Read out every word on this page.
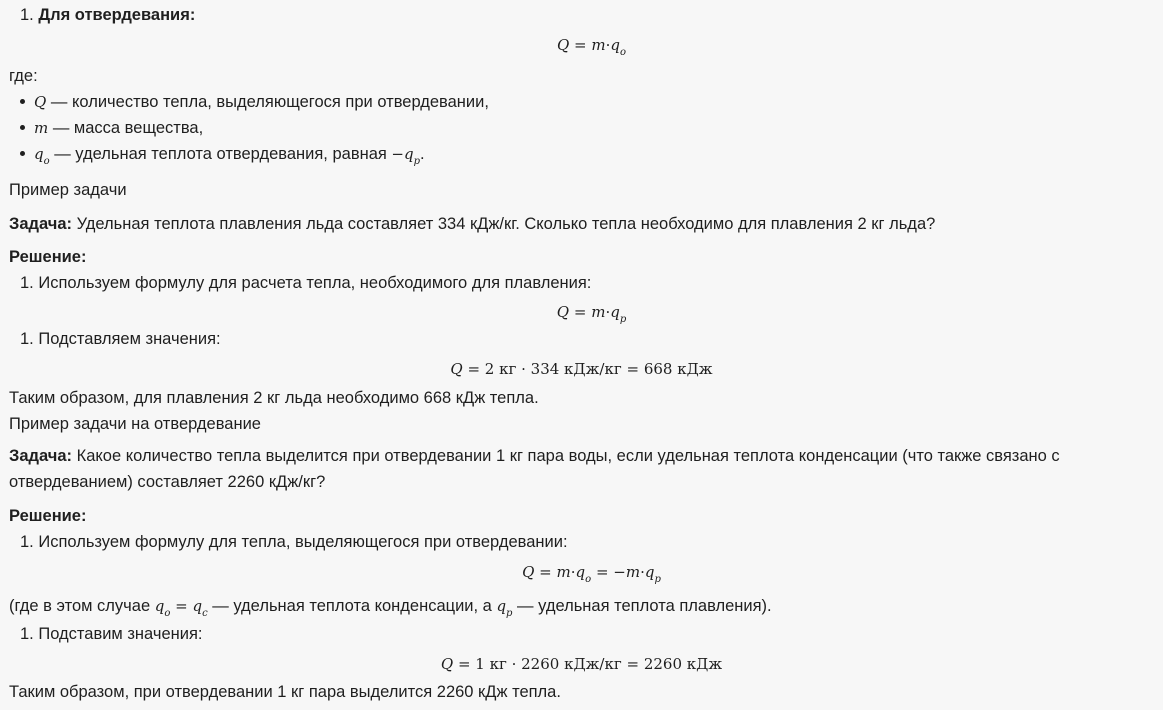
1. Для отвердевания:
$Q = m\cdot q_o$
где:
Q — количество тепла, выделяющегося при отвердевании,
m — масса вещества,
$q_o$ — удельная теплота отвердевания, равная $-q_p$.
Пример задачи
Задача: Удельная теплота плавления льда составляет 334 кДж/кг. Сколько тепла необходимо для плавления 2 кг льда?
Решение:
1. Используем формулу для расчета тепла, необходимого для плавления:
$Q = m\cdot q_p$
1. Подставляем значения:
Q = 2 кг · 334 кДж/кг = 668 кДж
Таким образом, для плавления 2 кг льда необходимо 668 кДж тепла.
Пример задачи на отвердевание
Задача: Какое количество тепла выделится при отвердевании 1 кг пара воды, если удельная теплота конденсации (что также связано с отвердеванием) составляет 2260 кДж/кг?
Решение:
1. Используем формулу для тепла, выделяющегося при отвердевании:
$Q = m\cdot q_o = -m\cdot q_p$
(где в этом случае $q_o = q_c$ — удельная теплота конденсации, а $q_p$ — удельная теплота плавления).
1. Подставим значения:
Q = 1 кг · 2260 кДж/кг = 2260 кДж
Таким образом, при отвердевании 1 кг пара выделится 2260 кДж тепла.
